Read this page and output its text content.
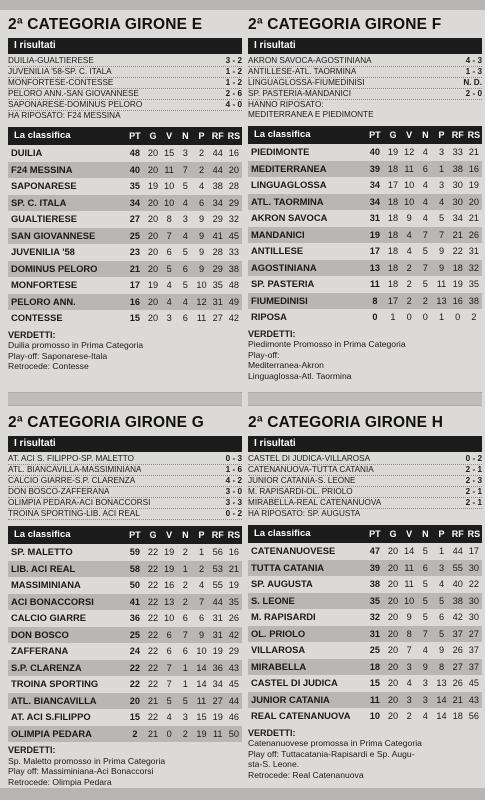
2ª CATEGORIA GIRONE E
I risultati
DUILIA-GUALTIERESE	3 - 2
JUVENILIA '58-SP. C. ITALA	1 - 2
MONFORTESE-CONTESSE	1 - 2
PELORO ANN.-SAN GIOVANNESE	2 - 6
SAPONARESE-DOMINUS PELORO	4 - 0
HA RIPOSATO: F24 MESSINA
La classifica	PT G	V	N	P RF RS
DUILIA	48 20 15 3	2 44 16
F24 MESSINA	40 20 11 7	2 44 20
SAPONARESE	35 19 10 5	4 38 28
SP. C. ITALA	34 20 10 4	6 34 29
GUALTIERESE	27 20 8	3	9 29 32
SAN GIOVANNESE	25 20 7	4	9 41 45
JUVENILIA '58	23 20 6	5	9 28 33
DOMINUS PELORO	21 20 5	6	9 29 38
MONFORTESE	17 19 4	5 10 35 48
PELORO ANN.	16 20 4	4 12 31 49
CONTESSE	15 20 3	6 11 27 42
VERDETTI:
Duilia promosso in Prima Categoria
Play-off: Saponarese-Itala
Retrocede: Contesse
2ª CATEGORIA GIRONE F
I risultati
AKRON SAVOCA-AGOSTINIANA	4 - 3
ANTILLESE-ATL. TAORMINA	1 - 3
LINGUAGLOSSA-FIUMEDINISI	N. D.
SP. PASTERIA-MANDANICI	2 - 0
HANNO RIPOSATO:
MEDITERRANEA E PIEDIMONTE
La classifica	PT G	V	N	P RF RS
PIEDIMONTE	40 19 12 4	3 33 21
MEDITERRANEA	39 18 11 6	1 38 16
LINGUAGLOSSA	34 17 10 4	3 30 19
ATL. TAORMINA	34 18 10 4	4 30 20
AKRON SAVOCA	31 18 9	4	5 34 21
MANDANICI	19 18 4	7	7 21 26
ANTILLESE	17 18 4	5	9 22 31
AGOSTINIANA	13 18 2	7	9 18 32
SP. PASTERIA	11 18 2	5 11 19 35
FIUMEDINISI	8	17 2	2 13 16 38
RIPOSA	0	1	0	0	1	0	2
VERDETTI:
Piedimonte Promosso in Prima Categoria
Play-off:
Mediterranea-Akron
Linguaglossa-Atl. Taormina
2ª CATEGORIA GIRONE G
I risultati
AT. ACI S. FILIPPO-SP. MALETTO	0 - 3
ATL. BIANCAVILLA-MASSIMINIANA	1 - 6
CALCIO GIARRE-S.P. CLARENZA	4 - 2
DON BOSCO-ZAFFERANA	3 - 0
OLIMPIA PEDARA-ACI BONACCORSI	3 - 3
TROINA SPORTING-LIB. ACI REAL	0 - 2
La classifica	PT G	V	N	P RF RS
SP. MALETTO	59 22 19 2	1 56 16
LIB. ACI REAL	58 22 19 1	2 53 21
MASSIMINIANA	50 22 16 2	4 55 19
ACI BONACCORSI	41 22 13 2	7 44 35
CALCIO GIARRE	36 22 10 6	6 31 26
DON BOSCO	25 22 6	7	9 31 42
ZAFFERANA	24 22 6	6 10 19 29
S.P. CLARENZA	22 22 7	1 14 36 43
TROINA SPORTING	22 22 7	1 14 34 45
ATL. BIANCAVILLA	20 21 5	5 11 27 44
AT. ACI S.FILIPPO	15 22 4	3 15 19 46
OLIMPIA PEDARA	2	21 0	2 19 11 50
VERDETTI:
Sp. Maletto promosso in Prima Categoria
Play off: Massiminiana-Aci Bonaccorsi
Retrocede: Olimpia Pedara
2ª CATEGORIA GIRONE H
I risultati
CASTEL DI JUDICA-VILLAROSA	0 - 2
CATENANUOVA-TUTTA CATANIA	2 - 1
JUNIOR CATANIA-S. LEONE	2 - 3
M. RAPISARDI-OL. PRIOLO	2 - 1
MIRABELLA-REAL CATENANUOVA	2 - 1
HA RIPOSATO: SP. AUGUSTA
La classifica	PT G	V	N	P RF RS
CATENANUOVESE	47 20 14 5	1 44 17
TUTTA CATANIA	39 20 11 6	3 55 30
SP. AUGUSTA	38 20 11 5	4 40 22
S. LEONE	35 20 10 5	5 38 30
M. RAPISARDI	32 20 9	5	6 42 30
OL. PRIOLO	31 20 8	7	5 37 27
VILLAROSA	25 20 7	4	9 26 37
MIRABELLA	18 20 3	9	8 27 37
CASTEL DI JUDICA	15 20 4	3 13 26 45
JUNIOR CATANIA	11 20 3	3 14 21 43
REAL CATENANUOVA	10 20 2	4 14 18 56
VERDETTI:
Catenanuovese promossa in Prima Categoria
Play off: Tuttacatania-Rapisardi e Sp. Augu-
sta-S. Leone.
Retrocede: Real Catenanuova
